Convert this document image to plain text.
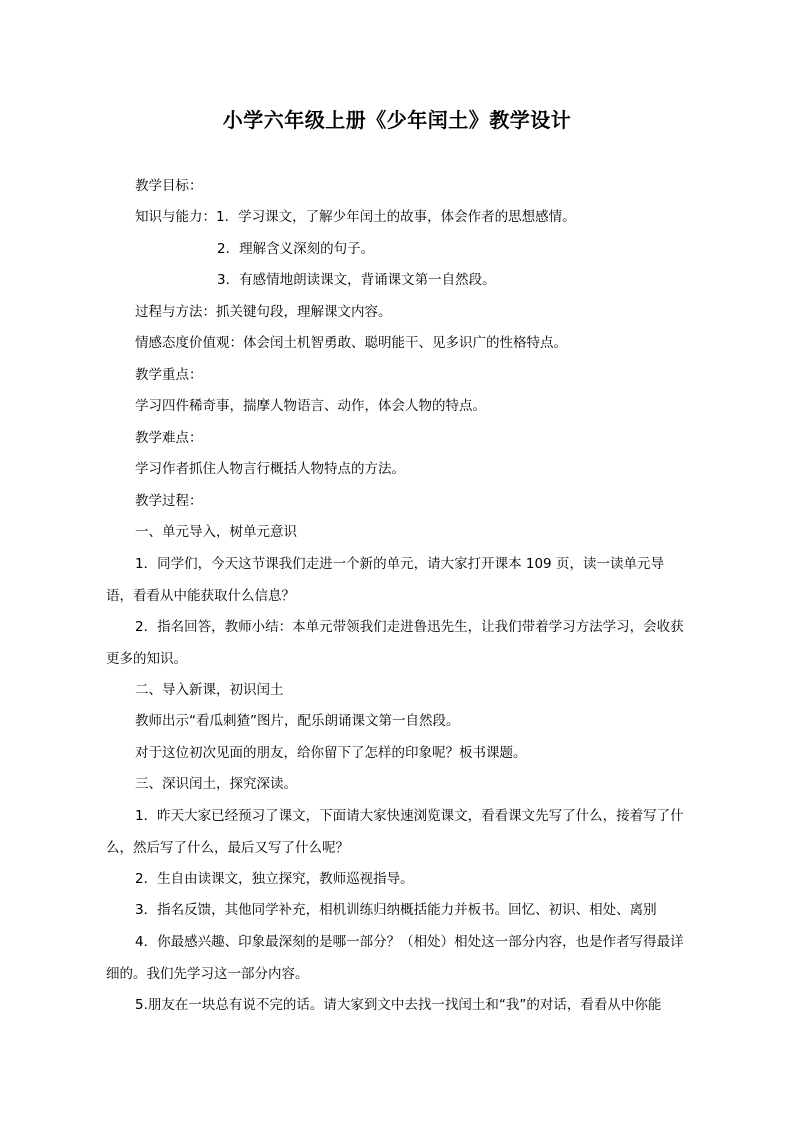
小学六年级上册《少年闰土》教学设计
教学目标：
知识与能力：1．学习课文，了解少年闰土的故事，体会作者的思想感情。
2．理解含义深刻的句子。
3．有感情地朗读课文，背诵课文第一自然段。
过程与方法：抓关键句段，理解课文内容。
情感态度价值观：体会闰土机智勇敢、聪明能干、见多识广的性格特点。
教学重点：
学习四件稀奇事，揣摩人物语言、动作，体会人物的特点。
教学难点：
学习作者抓住人物言行概括人物特点的方法。
教学过程：
一、单元导入，树单元意识
1．同学们，今天这节课我们走进一个新的单元，请大家打开课本 109 页，读一读单元导语，看看从中能获取什么信息？
2．指名回答，教师小结：本单元带领我们走进鲁迅先生，让我们带着学习方法学习，会收获更多的知识。
二、导入新课，初识闰土
教师出示“看瓜刺猹”图片，配乐朗诵课文第一自然段。
对于这位初次见面的朋友，给你留下了怎样的印象呢？板书课题。
三、深识闰土，探究深读。
1．昨天大家已经预习了课文，下面请大家快速浏览课文，看看课文先写了什么，接着写了什么，然后写了什么，最后又写了什么呢？
2．生自由读课文，独立探究，教师巡视指导。
3．指名反馈，其他同学补充，相机训练归纳概括能力并板书。回忆、初识、相处、离别
4．你最感兴趣、印象最深刻的是哪一部分？（相处）相处这一部分内容，也是作者写得最详细的。我们先学习这一部分内容。
5.朋友在一块总有说不完的话。请大家到文中去找一找闰土和“我”的对话，看看从中你能
